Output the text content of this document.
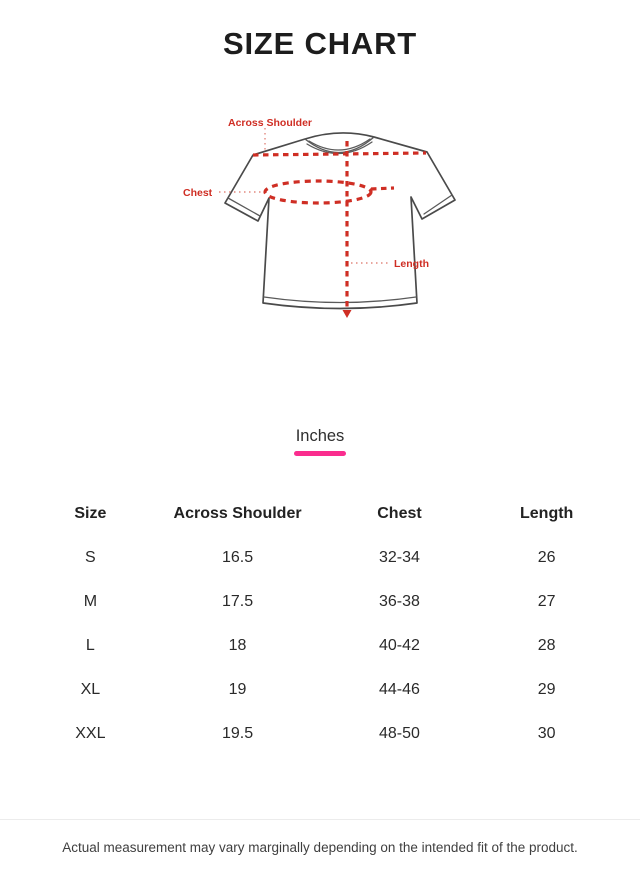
SIZE CHART
Across Shoulder
Chest
Length
Inches
Size	Across Shoulder	Chest	Length
S	16.5	32-34	26
M	17.5	36-38	27
L	18	40-42	28
XL	19	44-46	29
XXL	19.5	48-50	30
Actual measurement may vary marginally depending on the intended fit of the product.
